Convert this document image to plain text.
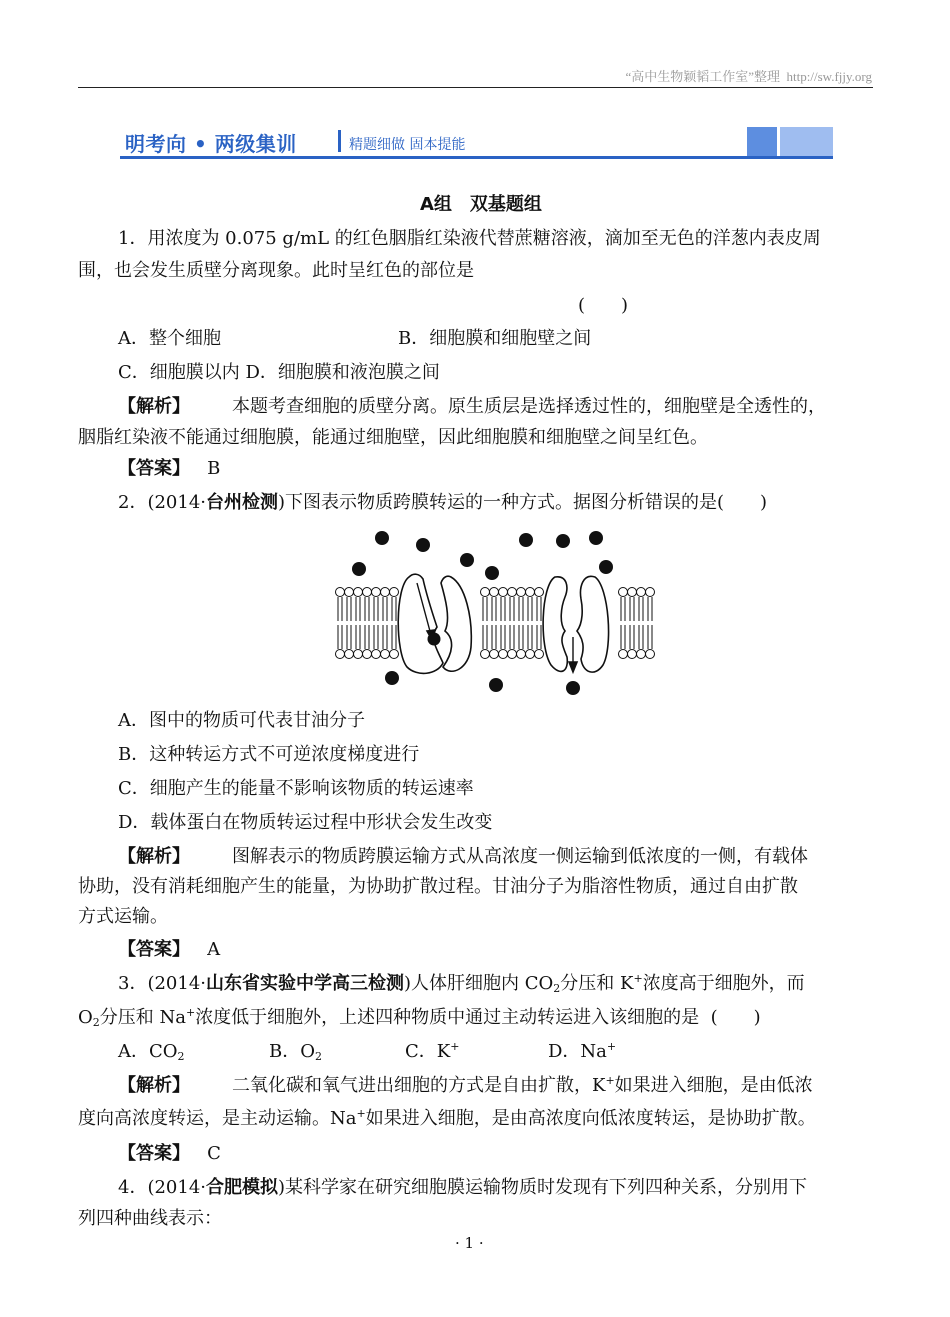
“高中生物颖韬工作室”整理 http://sw.fjjy.org
明考向 • 两级集训	精题细做 固本提能
A组　双基题组
1．用浓度为 0.075 g/mL 的红色胭脂红染液代替蔗糖溶液，滴加至无色的洋葱内表皮周
围，也会发生质壁分离现象。此时呈红色的部位是
(　　)
A．整个细胞	B．细胞膜和细胞壁之间
C．细胞膜以内 D．细胞膜和液泡膜之间
【解析】 本题考查细胞的质壁分离。原生质层是选择透过性的，细胞壁是全透性的，
胭脂红染液不能通过细胞膜，能通过细胞壁，因此细胞膜和细胞壁之间呈红色。
【答案】 B
2．(2014·台州检测)下图表示物质跨膜转运的一种方式。据图分析错误的是(　　)
A．图中的物质可代表甘油分子
B．这种转运方式不可逆浓度梯度进行
C．细胞产生的能量不影响该物质的转运速率
D．载体蛋白在物质转运过程中形状会发生改变
【解析】 图解表示的物质跨膜运输方式从高浓度一侧运输到低浓度的一侧，有载体
协助，没有消耗细胞产生的能量，为协助扩散过程。甘油分子为脂溶性物质，通过自由扩散
方式运输。
【答案】 A
3．(2014·山东省实验中学高三检测)人体肝细胞内 $CO_2$分压和 K+浓度高于细胞外，而
$O_2$分压和 Na+浓度低于细胞外，上述四种物质中通过主动转运进入该细胞的是 (　　)
A．$CO_2$	B．$O_2$	C．K+	D．Na+
【解析】 二氧化碳和氧气进出细胞的方式是自由扩散，K+如果进入细胞，是由低浓
度向高浓度转运，是主动运输。Na+如果进入细胞，是由高浓度向低浓度转运，是协助扩散。
【答案】 C
4．(2014·合肥模拟)某科学家在研究细胞膜运输物质时发现有下列四种关系，分别用下
列四种曲线表示：
· 1 ·
